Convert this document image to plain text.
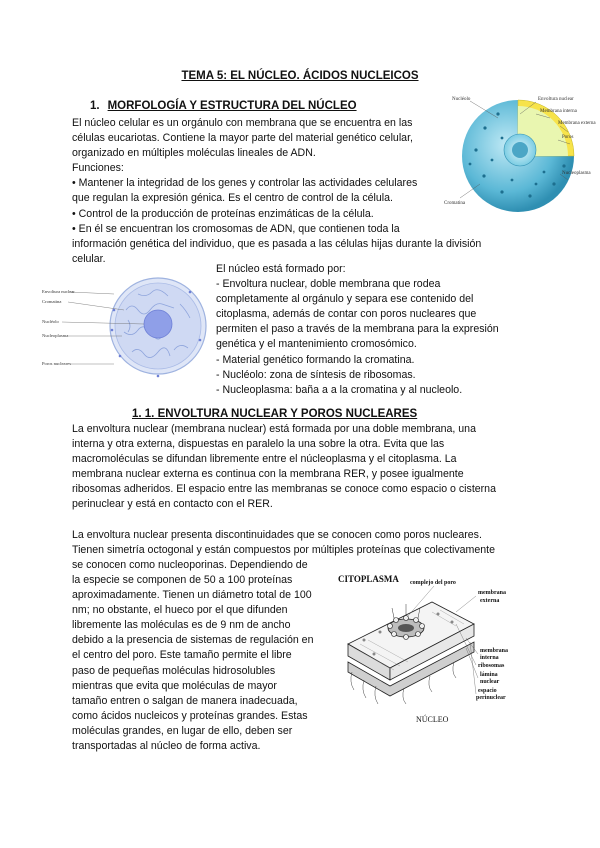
TEMA 5: EL NÚCLEO. ÁCIDOS NUCLEICOS
1. MORFOLOGÍA Y ESTRUCTURA DEL NÚCLEO
El núcleo celular es un orgánulo con membrana que se encuentra en las
células eucariotas. Contiene la mayor parte del material genético celular,
organizado en múltiples moléculas lineales de ADN.
Funciones:
• Mantener la integridad de los genes y controlar las actividades celulares
que regulan la expresión génica. Es el centro de control de la célula.
• Control de la producción de proteínas enzimáticas de la célula.
• En él se encuentran los cromosomas de ADN, que contienen toda la
información genética del individuo, que es pasada a las células hijas durante la división
celular.
Nucléolo	Envoltura nuclear
Membrana interna
Membrana externa
Poros
Nucleoplasma
Cromatina
Envoltura nuclear
Cromatina
Nucléolo
Nucleoplasma
Poros nucleares
El núcleo está formado por:
- Envoltura nuclear, doble membrana que rodea
completamente al orgánulo y separa ese contenido del
citoplasma, además de contar con poros nucleares que
permiten el paso a través de la membrana para la expresión
genética y el mantenimiento cromosómico.
- Material genético formando la cromatina.
- Nucléolo: zona de síntesis de ribosomas.
- Nucleoplasma: baña a a la cromatina y al nucleolo.
1. 1. ENVOLTURA NUCLEAR Y POROS NUCLEARES
La envoltura nuclear (membrana nuclear) está formada por una doble membrana, una
interna y otra externa, dispuestas en paralelo la una sobre la otra. Evita que las
macromoléculas se difundan libremente entre el núcleoplasma y el citoplasma. La
membrana nuclear externa es continua con la membrana RER, y posee igualmente
ribosomas adheridos. El espacio entre las membranas se conoce como espacio o cisterna
perinuclear y está en contacto con el RER.
La envoltura nuclear presenta discontinuidades que se conocen como poros nucleares.
Tienen simetría octogonal y están compuestos por múltiples proteínas que colectivamente
se conocen como nucleoporinas. Dependiendo de
la especie se componen de 50 a 100 proteínas
aproximadamente. Tienen un diámetro total de 100
nm; no obstante, el hueco por el que difunden
libremente las moléculas es de 9 nm de ancho
debido a la presencia de sistemas de regulación en
el centro del poro. Este tamaño permite el libre
paso de pequeñas moléculas hidrosolubles
mientras que evita que moléculas de mayor
tamaño entren o salgan de manera inadecuada,
como ácidos nucleicos y proteínas grandes. Estas
moléculas grandes, en lugar de ello, deben ser
transportadas al núcleo de forma activa.
CITOPLASMA complejo del poro
membrana
externa
membrana
interna
ribosomas
lámina
nuclear
espacio
perinuclear
NÚCLEO
